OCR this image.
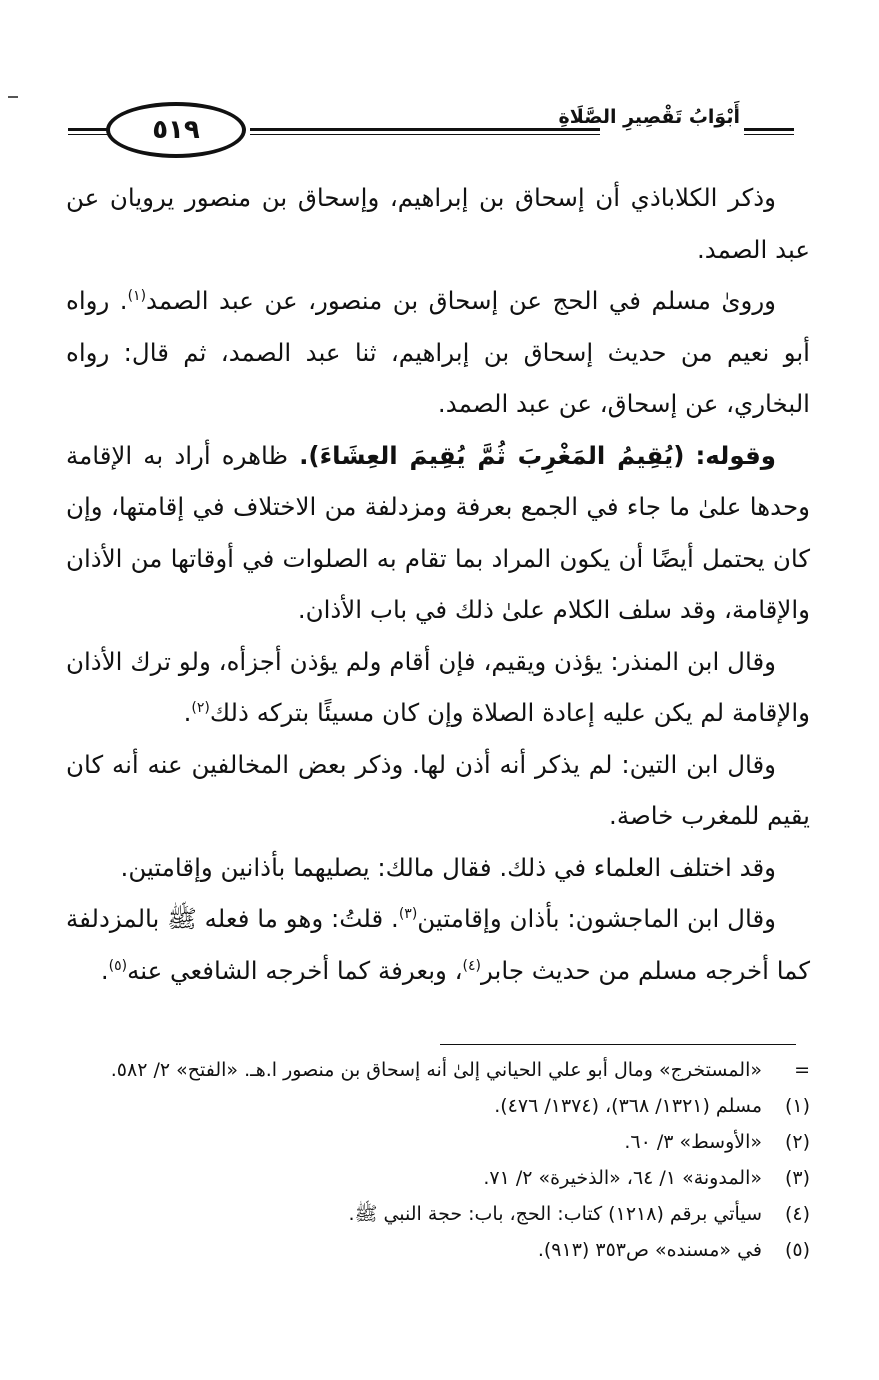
٥١٩	أَبْوَابُ تَقْصِيرِ الصَّلَاةِ

وذكر الكلاباذي أن إسحاق بن إبراهيم، وإسحاق بن منصور يرويان عن عبد الصمد.

وروىٰ مسلم في الحج عن إسحاق بن منصور، عن عبد الصمد$^{(١)}$. رواه أبو نعيم من حديث إسحاق بن إبراهيم، ثنا عبد الصمد، ثم قال: رواه البخاري، عن إسحاق، عن عبد الصمد.

وقوله: (يُقِيمُ المَغْرِبَ ثُمَّ يُقِيمَ العِشَاءَ). ظاهره أراد به الإقامة وحدها علىٰ ما جاء في الجمع بعرفة ومزدلفة من الاختلاف في إقامتها، وإن كان يحتمل أيضًا أن يكون المراد بما تقام به الصلوات في أوقاتها من الأذان والإقامة، وقد سلف الكلام علىٰ ذلك في باب الأذان.

وقال ابن المنذر: يؤذن ويقيم، فإن أقام ولم يؤذن أجزأه، ولو ترك الأذان والإقامة لم يكن عليه إعادة الصلاة وإن كان مسيئًا بتركه ذلك$^{(٢)}$.

وقال ابن التين: لم يذكر أنه أذن لها. وذكر بعض المخالفين عنه أنه كان يقيم للمغرب خاصة.

وقد اختلف العلماء في ذلك. فقال مالك: يصليهما بأذانين وإقامتين.

وقال ابن الماجشون: بأذان وإقامتين$^{(٣)}$. قلتُ: وهو ما فعله ﷺ بالمزدلفة كما أخرجه مسلم من حديث جابر$^{(٤)}$، وبعرفة كما أخرجه الشافعي عنه$^{(٥)}$.

=
«المستخرج» ومال أبو علي الحياني إلىٰ أنه إسحاق بن منصور ا.هـ. «الفتح» ٢/ ٥٨٢.
(١)
مسلم (١٣٢١/ ٣٦٨)، (١٣٧٤/ ٤٧٦).
(٢)
«الأوسط» ٣/ ٦٠.
(٣)
«المدونة» ١/ ٦٤، «الذخيرة» ٢/ ٧١.
(٤)
سيأتي برقم (١٢١٨) كتاب: الحج، باب: حجة النبي ﷺ.
(٥)
في «مسنده» ص٣٥٣ (٩١٣).
